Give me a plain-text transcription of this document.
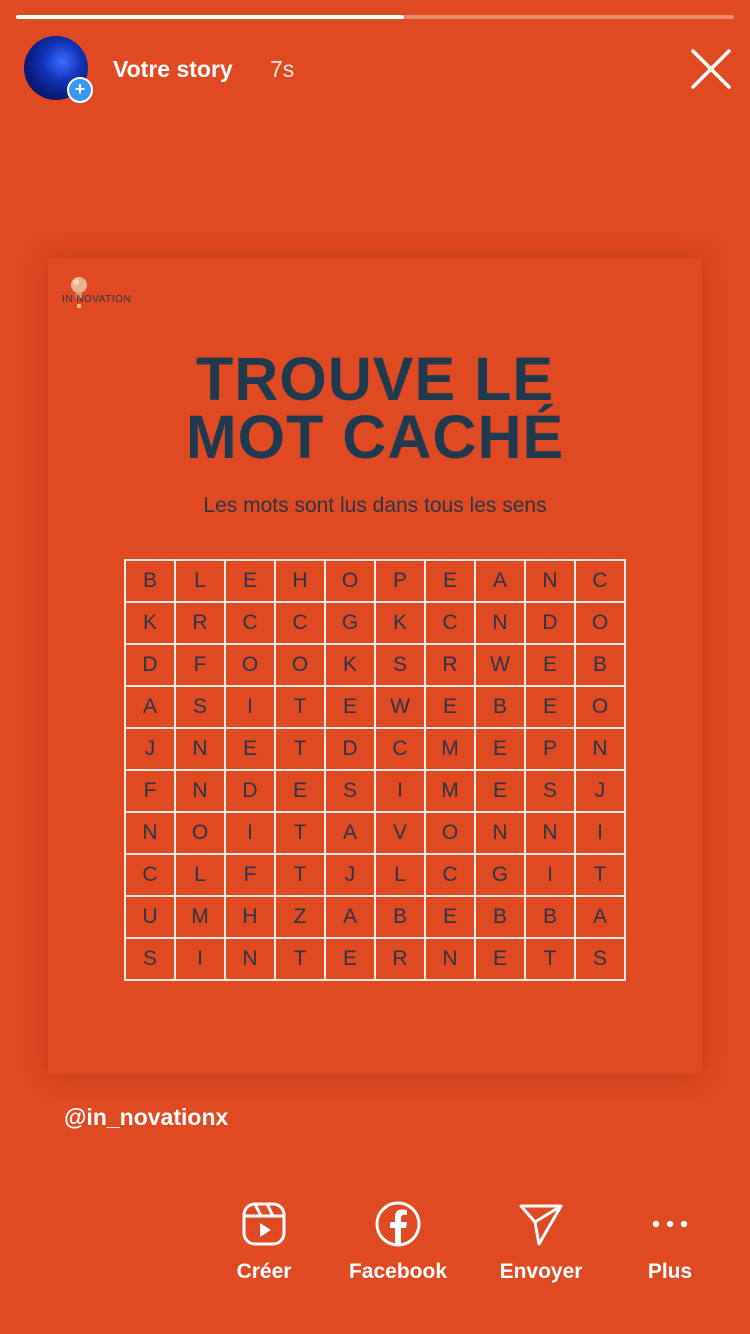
+
Votre story 7s
IN NOVATION
TROUVE LE
MOT CACHÉ
Les mots sont lus dans tous les sens
B	L	E	H	O	P	E	A	N	C
K	R	C	C	G	K	C	N	D	O
D	F	O	O	K	S	R	W	E	B
A	S	I	T	E	W	E	B	E	O
J	N	E	T	D	C	M	E	P	N
F	N	D	E	S	I	M	E	S	J
N	O	I	T	A	V	O	N	N	I
C	L	F	T	J	L	C	G	I	T
U	M	H	Z	A	B	E	B	B	A
S	I	N	T	E	R	N	E	T	S
@in_novationx
Créer	Facebook	Envoyer	Plus
